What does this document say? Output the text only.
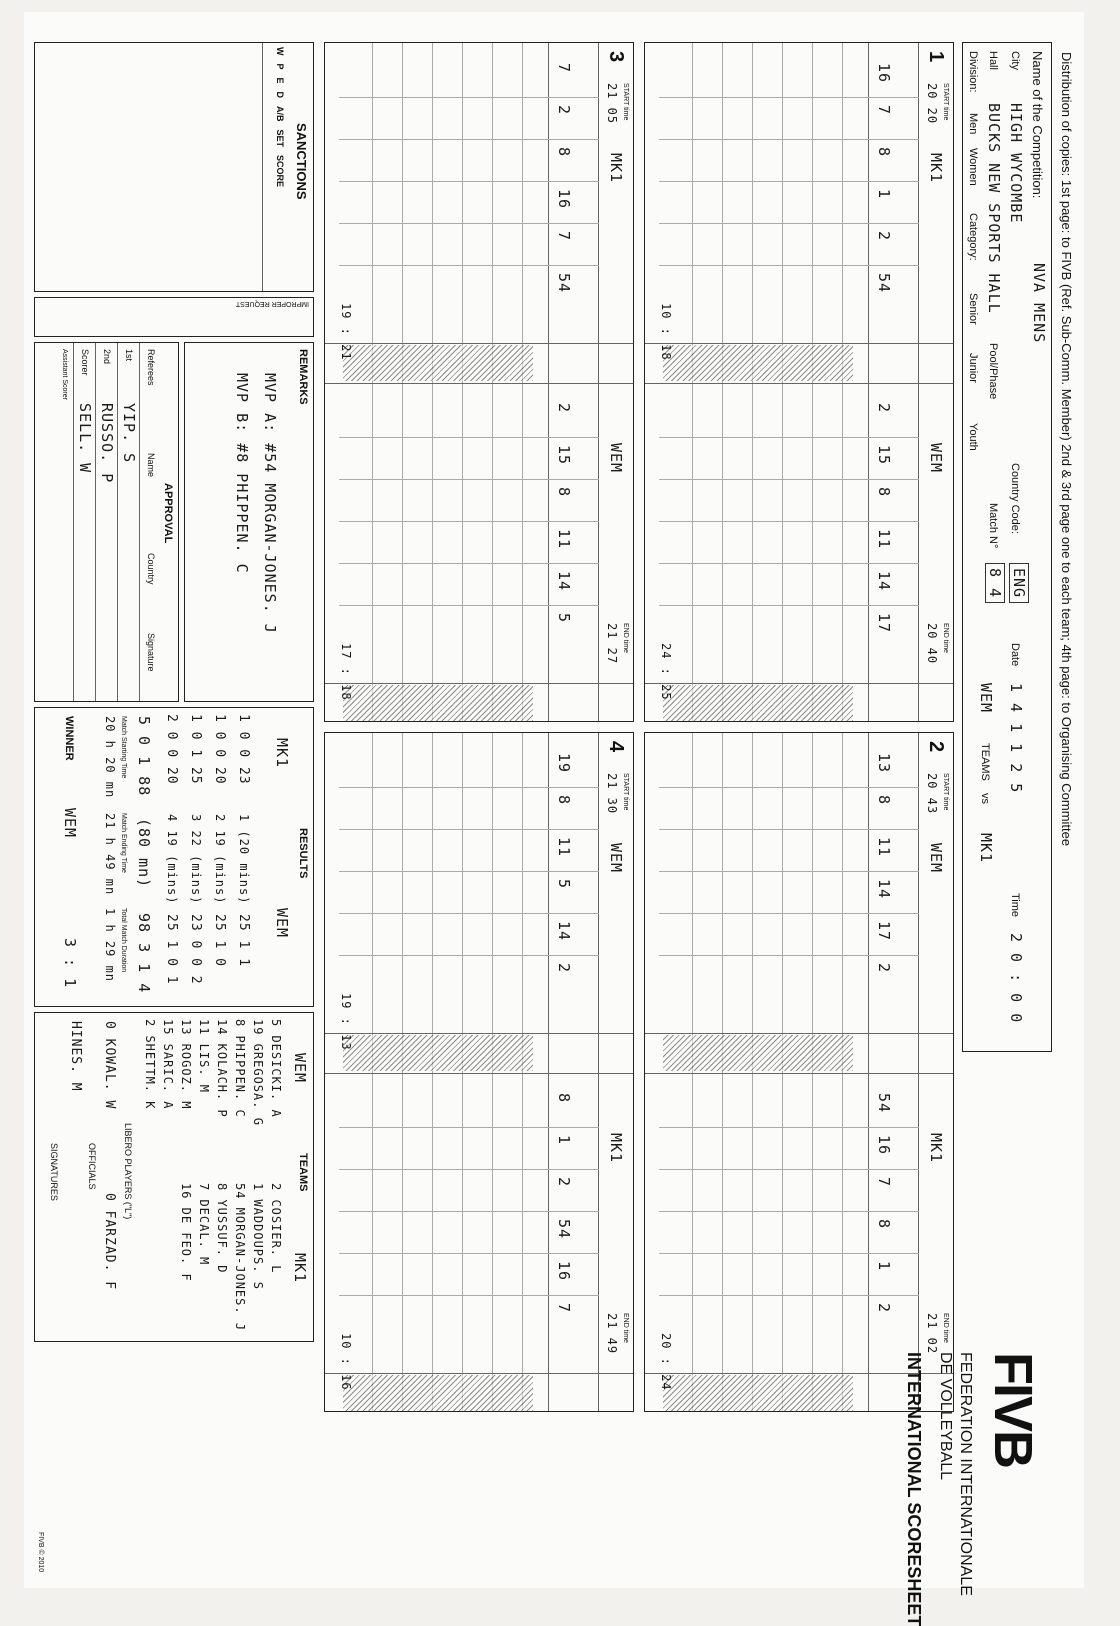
Distribution of copies: 1st page: to FIVB (Ref. Sub-Comm. Member) 2nd & 3rd page one to each team; 4th page: to Organising Committee
Name of the Competition:
NVA MENS
City
HIGH WYCOMBE
Hall
BUCKS NEW SPORTS HALL
Pool/Phase
Country Code:
ENG
Match N°
8 4
Division:
Men
Women
Category:
Senior
Junior
Youth
Date
1 4 1 1 2 5
TEAMS
vs
WEM
MK1
Time
2 0 : 0 0
1
START time
20 20
MK1
WEM
END time
20 40
16
7
8
1
2
54
2
15
8
11
14
17
10 : 18
24 : 25
2
START time
20 43
WEM
MK1
END time
21 02
13
8
11
14
17
2
54
16
7
8
1
2
20 : 24
3
START time
21 05
MK1
WEM
END time
21 27
7
2
8
16
7
54
2
15
8
11
14
5
19 : 21
17 : 18
4
START time
21 30
WEM
MK1
END time
21 49
19
8
11
5
14
2
8
1
2
54
16
7
19 : 13
10 : 16
SANCTIONS
W
P
E
D
A/B
SET
SCORE
IMPROPER REQUEST
REMARKS
MVP A: #54 MORGAN-JONES. J
MVP B: #8 PHIPPEN. C
APPROVAL
Referees
Name
Country
Signature
1st
YIP. S
2nd
RUSSO. P
Scorer
SELL. W
Assistant Scorer
RESULTS
MK1
WEM
1 0 0 23
1 (20 mins)
25 1 1
1 0 0 20
2 19 (mins)
25 1 0
1 0 1 25
3 22 (mins)
23 0 0 2
2 0 0 20
4 19 (mins)
25 1 0 1
5 0 1 88
(80 mn)
98 3 1 4
Match Starting Time
20 h 20 mn
Match Ending Time
21 h 49 mn
Total Match Duration
1 h 29 mn
WINNER
WEM
3 : 1
TEAMS
WEM
MK1
5 DESICKI. A
19 GREGOSA. G
8 PHIPPEN. C
14 KOLACH. P
11 LIS. M
13 ROGOZ. M
15 SARIC. A
2 SHETTM. K
2 COSIER. L
1 WADDOUPS. S
54 MORGAN-JONES. J
8 YUSSUF. D
7 DECAL. M
16 DE FEO. F
LIBERO PLAYERS ("L")
0 KOWAL. W
0 FARZAD. F
OFFICIALS
HINES. M
SIGNATURES
FIVB
FEDERATION INTERNATIONALE
DE VOLLEYBALL
INTERNATIONAL SCORESHEET
FIVB © 2010
